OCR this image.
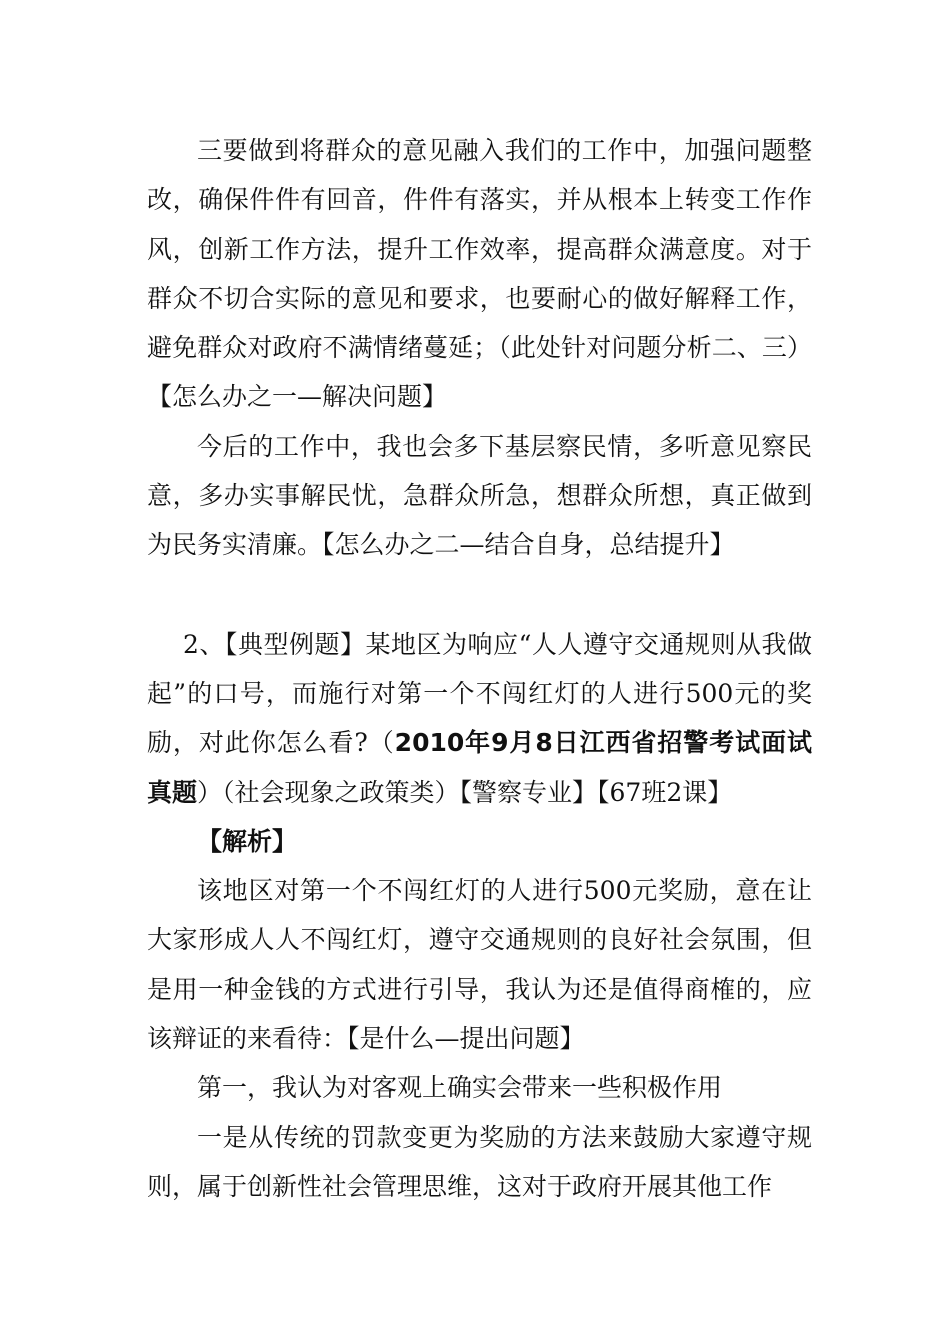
三要做到将群众的意见融入我们的工作中，加强问题整改，确保件件有回音，件件有落实，并从根本上转变工作作风，创新工作方法，提升工作效率，提高群众满意度。对于群众不切合实际的意见和要求，也要耐心的做好解释工作，避免群众对政府不满情绪蔓延；（此处针对问题分析二、三）【怎么办之一—解决问题】

今后的工作中，我也会多下基层察民情，多听意见察民意，多办实事解民忧，急群众所急，想群众所想，真正做到为民务实清廉。【怎么办之二—结合自身，总结提升】

2、【典型例题】某地区为响应“人人遵守交通规则从我做起”的口号，而施行对第一个不闯红灯的人进行500元的奖励，对此你怎么看?（2010年9月8日江西省招警考试面试真题）（社会现象之政策类）【警察专业】【67班2课】

【解析】

该地区对第一个不闯红灯的人进行500元奖励，意在让大家形成人人不闯红灯，遵守交通规则的良好社会氛围，但是用一种金钱的方式进行引导，我认为还是值得商榷的，应该辩证的来看待：【是什么—提出问题】

第一，我认为对客观上确实会带来一些积极作用

一是从传统的罚款变更为奖励的方法来鼓励大家遵守规则，属于创新性社会管理思维，这对于政府开展其他工作
